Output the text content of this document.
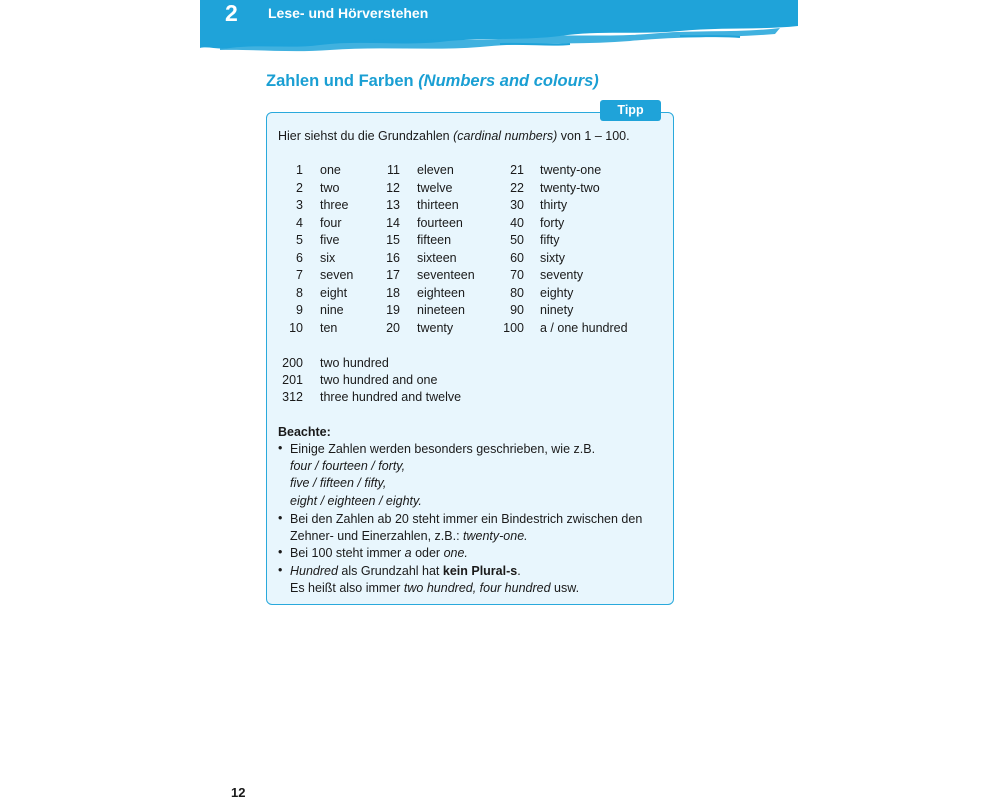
2 Lese- und Hörverstehen
Zahlen und Farben (Numbers and colours)
Tipp
Hier siehst du die Grundzahlen (cardinal numbers) von 1 – 100.
1 one
2 two
3 three
4 four
5 five
6 six
7 seven
8 eight
9 nine
10 ten
11 eleven
12 twelve
13 thirteen
14 fourteen
15 fifteen
16 sixteen
17 seventeen
18 eighteen
19 nineteen
20 twenty
21 twenty-one
22 twenty-two
30 thirty
40 forty
50 fifty
60 sixty
70 seventy
80 eighty
90 ninety
100 a / one hundred
200 two hundred
201 two hundred and one
312 three hundred and twelve
Beachte:
• Einige Zahlen werden besonders geschrieben, wie z.B.
four / fourteen / forty,
five / fifteen / fifty,
eight / eighteen / eighty.
• Bei den Zahlen ab 20 steht immer ein Bindestrich zwischen den
Zehner- und Einerzahlen, z.B.: twenty-one.
• Bei 100 steht immer a oder one.
• Hundred als Grundzahl hat kein Plural-s.
Es heißt also immer two hundred, four hundred usw.
12
